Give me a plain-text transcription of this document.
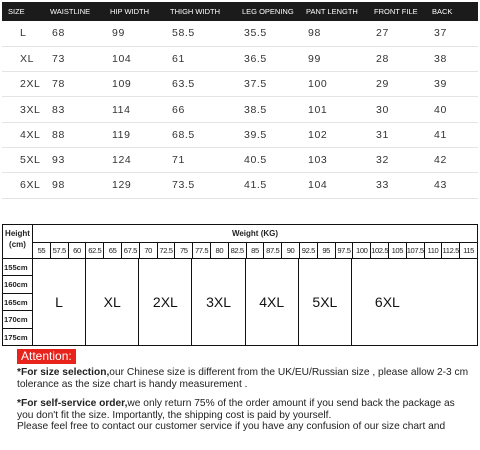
SIZE	WAISTLINE	HIP WIDTH	THIGH WIDTH	LEG OPENING	PANT LENGTH	FRONT FILE	BACK
L	68	99	58.5	35.5	98	27	37
XL	73	104	61	36.5	99	28	38
2XL	78	109	63.5	37.5	100	29	39
3XL	83	114	66	38.5	101	30	40
4XL	88	119	68.5	39.5	102	31	41
5XL	93	124	71	40.5	103	32	42
6XL	98	129	73.5	41.5	104	33	43
Height
(cm)
Weight (KG)
55 57.5 60 62.5 65 67.5 70 72.5 75 77.5 80 82.5 85 87.5 90 92.5 95 97.5 100 102.5 105 107.5 110 112.5 115
155cm
160cm
165cm
170cm
175cm
L	XL	2XL	3XL	4XL	5XL	6XL
Attention:
*For size selection,our Chinese size is different from the UK/EU/Russian size , please allow 2-3 cm tolerance as the size chart is handy measurement .
*For self-service order,we only return 75% of the order amount if you send back the package as you don't fit the size. Importantly, the shipping cost is paid by yourself.
Please feel free to contact our customer service if you have any confusion of our size chart and
